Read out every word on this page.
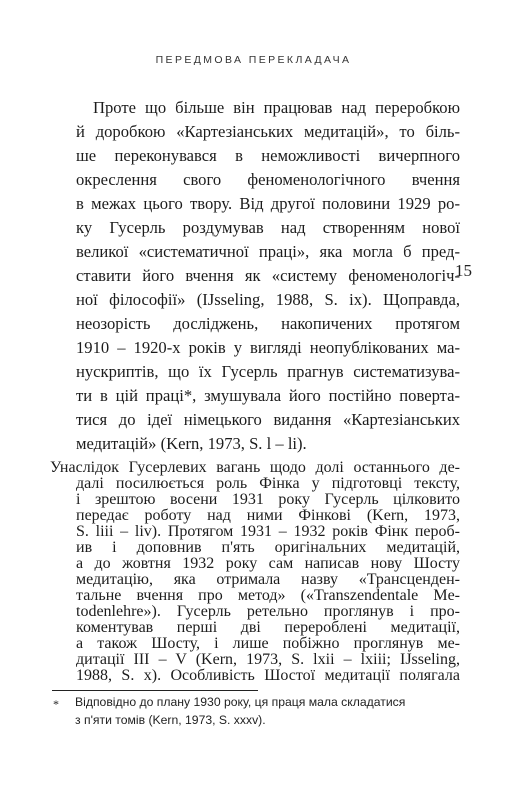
ПЕРЕДМОВА ПЕРЕКЛАДАЧА
15
Проте що більше він працював над переробкою
й доробкою «Картезіанських медитацій», то біль-
ше переконувався в неможливості вичерпного
окреслення свого феноменологічного вчення
в межах цього твору. Від другої половини 1929 ро-
ку Гусерль роздумував над створенням нової
великої «систематичної праці», яка могла б пред-
ставити його вчення як «систему феноменологіч-
ної філософії» (IJsseling, 1988, S. ix). Щоправда,
неозорість досліджень, накопичених протягом
1910 – 1920-х років у вигляді неопублікованих ма-
нускриптів, що їх Гусерль прагнув систематизува-
ти в цій праці*, змушувала його постійно поверта-
тися до ідеї німецького видання «Картезіанських
медитацій» (Kern, 1973, S. l – li).
Унаслідок Гусерлевих вагань щодо долі останнього де-
далі посилюється роль Фінка у підготовці тексту,
і зрештою восени 1931 року Гусерль цілковито
передає роботу над ними Фінкові (Kern, 1973,
S. liii – liv). Протягом 1931 – 1932 років Фінк пероб-
ив і доповнив п'ять оригінальних медитацій,
а до жовтня 1932 року сам написав нову Шосту
медитацію, яка отримала назву «Трансценден-
тальне вчення про метод» («Transzendentale Me-
todenlehre»). Гусерль ретельно проглянув і про-
коментував перші дві перероблені медитації,
а також Шосту, і лише побіжно проглянув ме-
дитації III – V (Kern, 1973, S. lxii – lxiii; IJsseling,
1988, S. x). Особливість Шостої медитації полягала
* Відповідно до плану 1930 року, ця праця мала складатися
з п'яти томів (Kern, 1973, S. xxxv).
